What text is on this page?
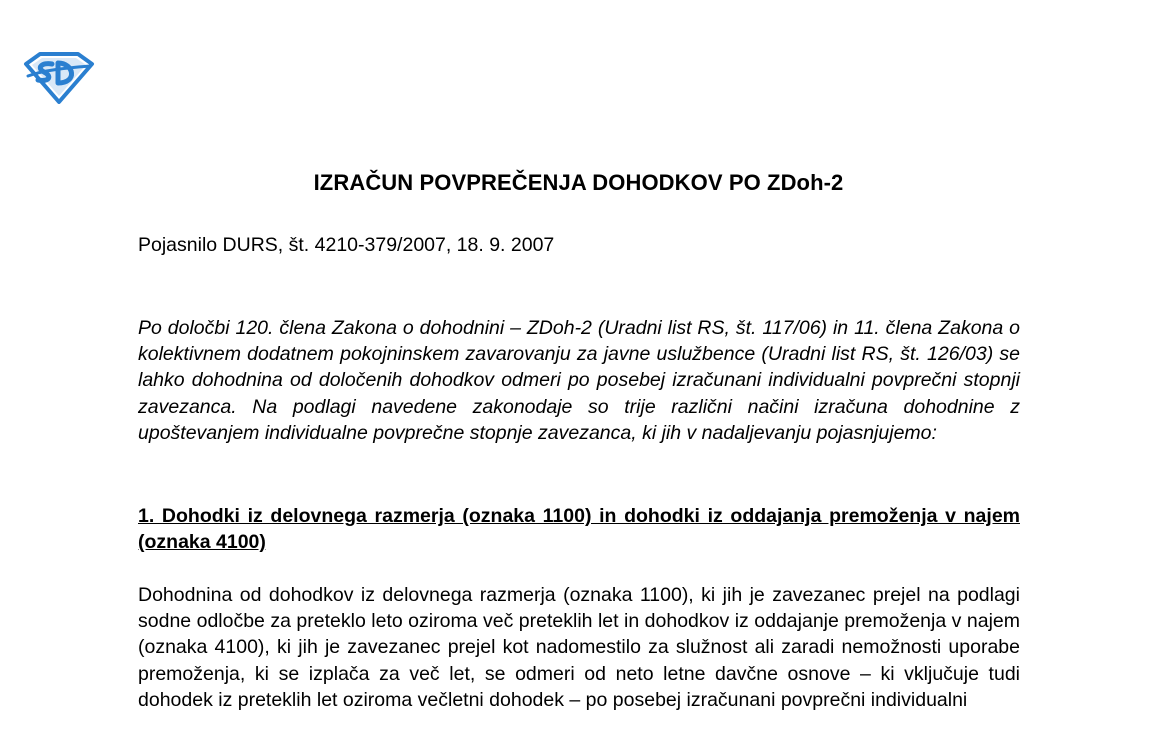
IZRAČUN POVPREČENJA DOHODKOV PO ZDoh-2
Pojasnilo DURS, št. 4210-379/2007, 18. 9. 2007

Po določbi 120. člena Zakona o dohodnini – ZDoh-2 (Uradni list RS, št. 117/06) in 11. člena Zakona o kolektivnem dodatnem pokojninskem zavarovanju za javne uslužbence (Uradni list RS, št. 126/03) se lahko dohodnina od določenih dohodkov odmeri po posebej izračunani individualni povprečni stopnji zavezanca. Na podlagi navedene zakonodaje so trije različni načini izračuna dohodnine z upoštevanjem individualne povprečne stopnje zavezanca, ki jih v nadaljevanju pojasnjujemo:

1. Dohodki iz delovnega razmerja (oznaka 1100) in dohodki iz oddajanja premoženja v najem (oznaka 4100)

Dohodnina od dohodkov iz delovnega razmerja (oznaka 1100), ki jih je zavezanec prejel na podlagi sodne odločbe za preteklo leto oziroma več preteklih let in dohodkov iz oddajanje premoženja v najem (oznaka 4100), ki jih je zavezanec prejel kot nadomestilo za služnost ali zaradi nemožnosti uporabe premoženja, ki se izplača za več let, se odmeri od neto letne davčne osnove – ki vključuje tudi dohodek iz preteklih let oziroma večletni dohodek – po posebej izračunani povprečni individualni
